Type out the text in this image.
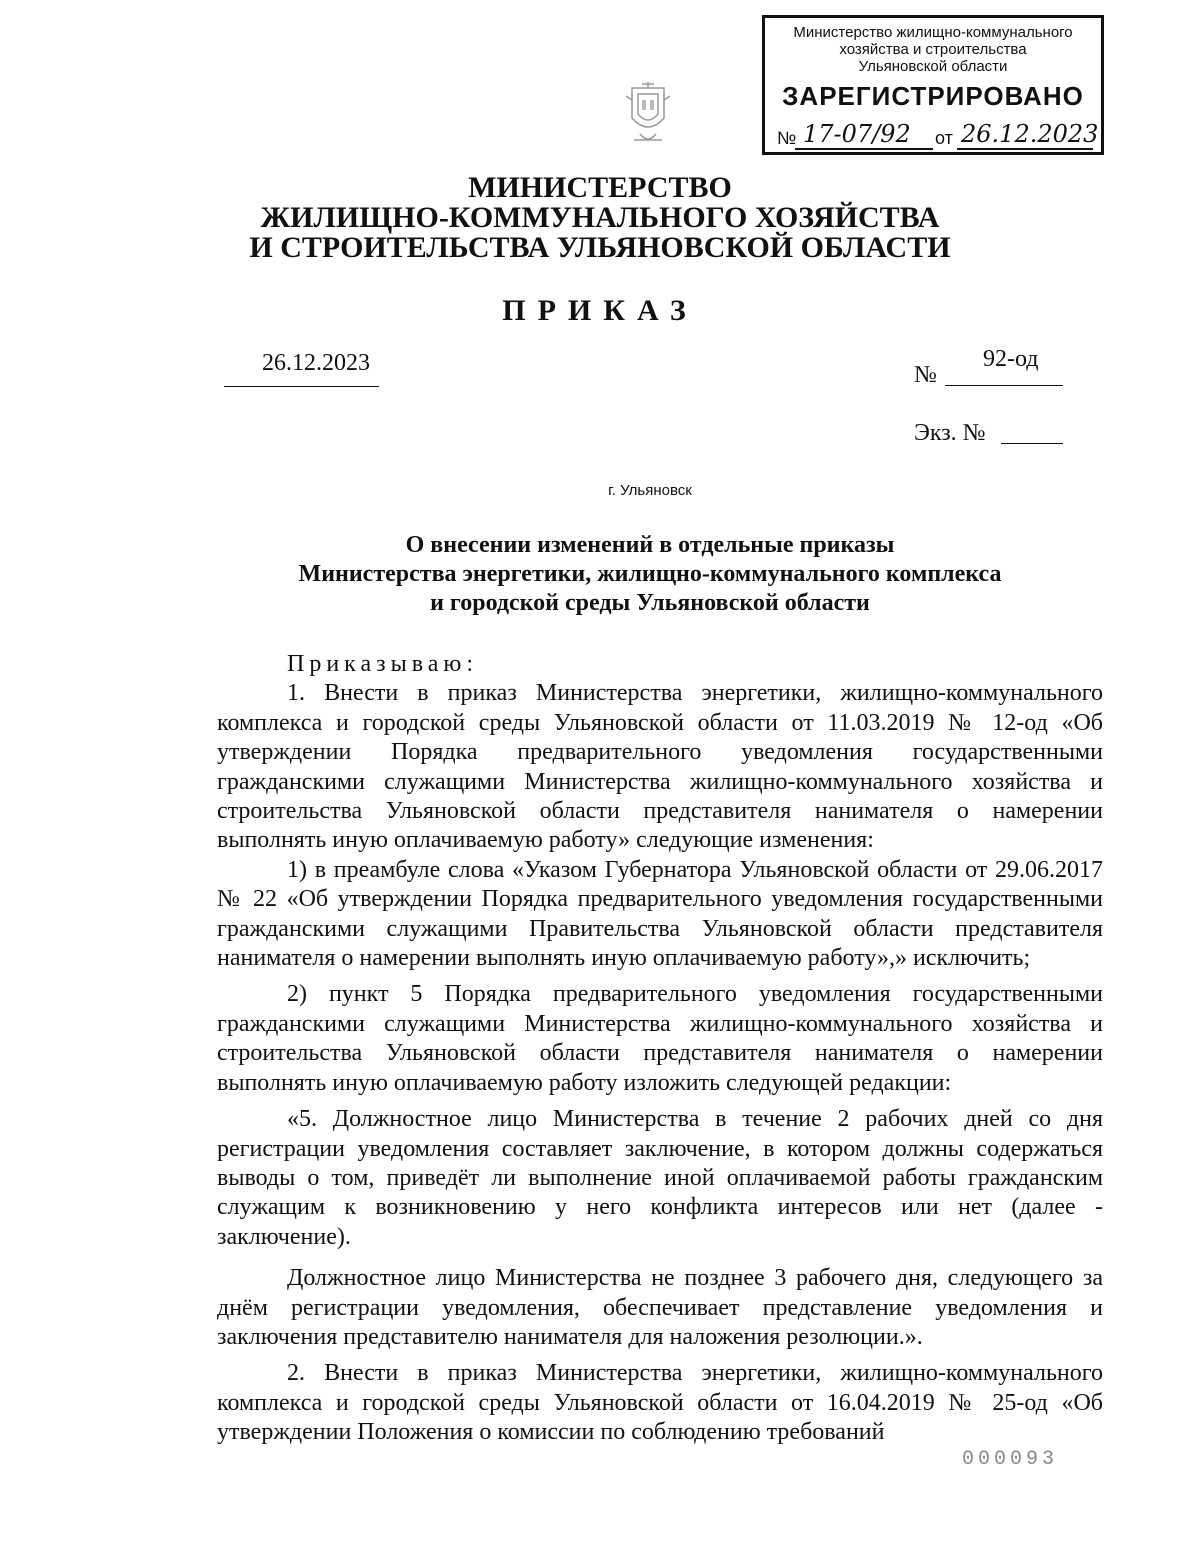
Министерство жилищно-коммунального
хозяйства и строительства
Ульяновской области
ЗАРЕГИСТРИРОВАНО
№ 17-07/92 от 26.12.2023
МИНИСТЕРСТВО
ЖИЛИЩНО-КОММУНАЛЬНОГО ХОЗЯЙСТВА
И СТРОИТЕЛЬСТВА УЛЬЯНОВСКОЙ ОБЛАСТИ
ПРИКАЗ
26.12.2023	№
92-од
Экз. №
г. Ульяновск
О внесении изменений в отдельные приказы
Министерства энергетики, жилищно-коммунального комплекса
и городской среды Ульяновской области

Приказываю:

1. Внести в приказ Министерства энергетики, жилищно-коммунального комплекса и городской среды Ульяновской области от 11.03.2019 № 12-од «Об утверждении Порядка предварительного уведомления государственными гражданскими служащими Министерства жилищно-коммунального хозяйства и строительства Ульяновской области представителя нанимателя о намерении выполнять иную оплачиваемую работу» следующие изменения:

1) в преамбуле слова «Указом Губернатора Ульяновской области от 29.06.2017 № 22 «Об утверждении Порядка предварительного уведомления государственными гражданскими служащими Правительства Ульяновской области представителя нанимателя о намерении выполнять иную оплачиваемую работу»,» исключить;

2) пункт 5 Порядка предварительного уведомления государственными гражданскими служащими Министерства жилищно-коммунального хозяйства и строительства Ульяновской области представителя нанимателя о намерении выполнять иную оплачиваемую работу изложить следующей редакции:

«5. Должностное лицо Министерства в течение 2 рабочих дней со дня регистрации уведомления составляет заключение, в котором должны содержаться выводы о том, приведёт ли выполнение иной оплачиваемой работы гражданским служащим к возникновению у него конфликта интересов или нет (далее - заключение).

Должностное лицо Министерства не позднее 3 рабочего дня, следующего за днём регистрации уведомления, обеспечивает представление уведомления и заключения представителю нанимателя для наложения резолюции.».

2. Внести в приказ Министерства энергетики, жилищно-коммунального комплекса и городской среды Ульяновской области от 16.04.2019 № 25-од «Об утверждении Положения о комиссии по соблюдению требований

000093
